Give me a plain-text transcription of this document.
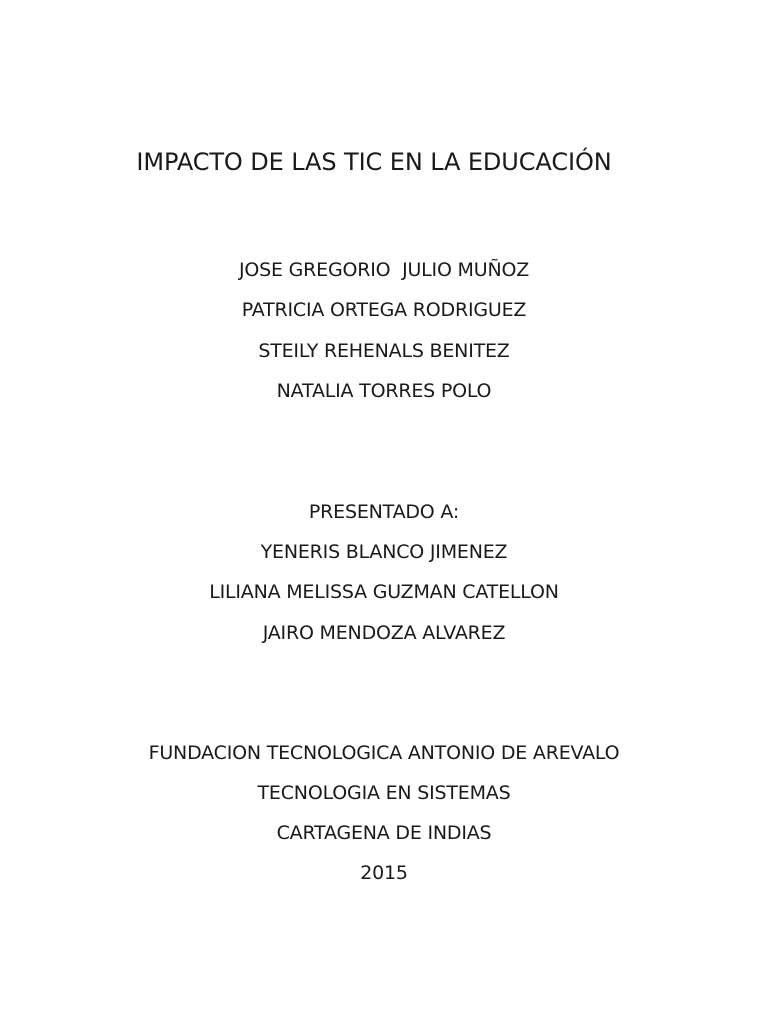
IMPACTO DE LAS TIC EN LA EDUCACIÓN
JOSE GREGORIO  JULIO MUÑOZ
PATRICIA ORTEGA RODRIGUEZ
STEILY REHENALS BENITEZ
NATALIA TORRES POLO
PRESENTADO A:
YENERIS BLANCO JIMENEZ
LILIANA MELISSA GUZMAN CATELLON
JAIRO MENDOZA ALVAREZ
FUNDACION TECNOLOGICA ANTONIO DE AREVALO
TECNOLOGIA EN SISTEMAS
CARTAGENA DE INDIAS
2015
